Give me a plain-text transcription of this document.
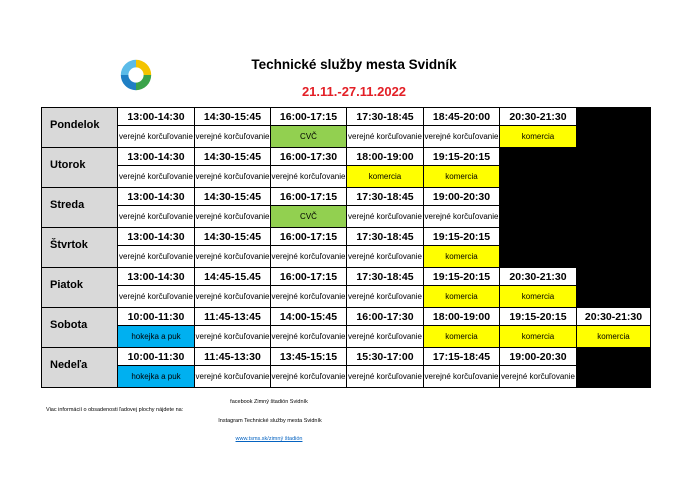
Technické služby mesta Svidník
21.11.-27.11.2022
Pondelok	13:00-14:30	14:30-15:45	16:00-17:15	17:30-18:45	18:45-20:00	20:30-21:30	
	verejné korčuľovanie	verejné korčuľovanie	CVČ	verejné korčuľovanie	verejné korčuľovanie	komercia	
Utorok	13:00-14:30	14:30-15:45	16:00-17:30	18:00-19:00	19:15-20:15		
	verejné korčuľovanie	verejné korčuľovanie	verejné korčuľovanie	komercia	komercia		
Streda	13:00-14:30	14:30-15:45	16:00-17:15	17:30-18:45	19:00-20:30		
	verejné korčuľovanie	verejné korčuľovanie	CVČ	verejné korčuľovanie	verejné korčuľovanie		
Štvrtok	13:00-14:30	14:30-15:45	16:00-17:15	17:30-18:45	19:15-20:15		
	verejné korčuľovanie	verejné korčuľovanie	verejné korčuľovanie	verejné korčuľovanie	komercia		
Piatok	13:00-14:30	14:45-15.45	16:00-17:15	17:30-18:45	19:15-20:15	20:30-21:30	
	verejné korčuľovanie	verejné korčuľovanie	verejné korčuľovanie	verejné korčuľovanie	komercia	komercia	
Sobota	10:00-11:30	11:45-13:45	14:00-15:45	16:00-17:30	18:00-19:00	19:15-20:15	20:30-21:30
	hokejka a puk	verejné korčuľovanie	verejné korčuľovanie	verejné korčuľovanie	komercia	komercia	komercia
Nedeľa	10:00-11:30	11:45-13:30	13:45-15:15	15:30-17:00	17:15-18:45	19:00-20:30	
	hokejka a puk	verejné korčuľovanie	verejné korčuľovanie	verejné korčuľovanie	verejné korčuľovanie	verejné korčuľovanie	
facebook Zimný štadión Svidník
Viac informácií o obsadenosti ľadovej plochy nájdete na:
Instagram Technické služby mesta Svidník
www.tsms.sk/zimný štadión
